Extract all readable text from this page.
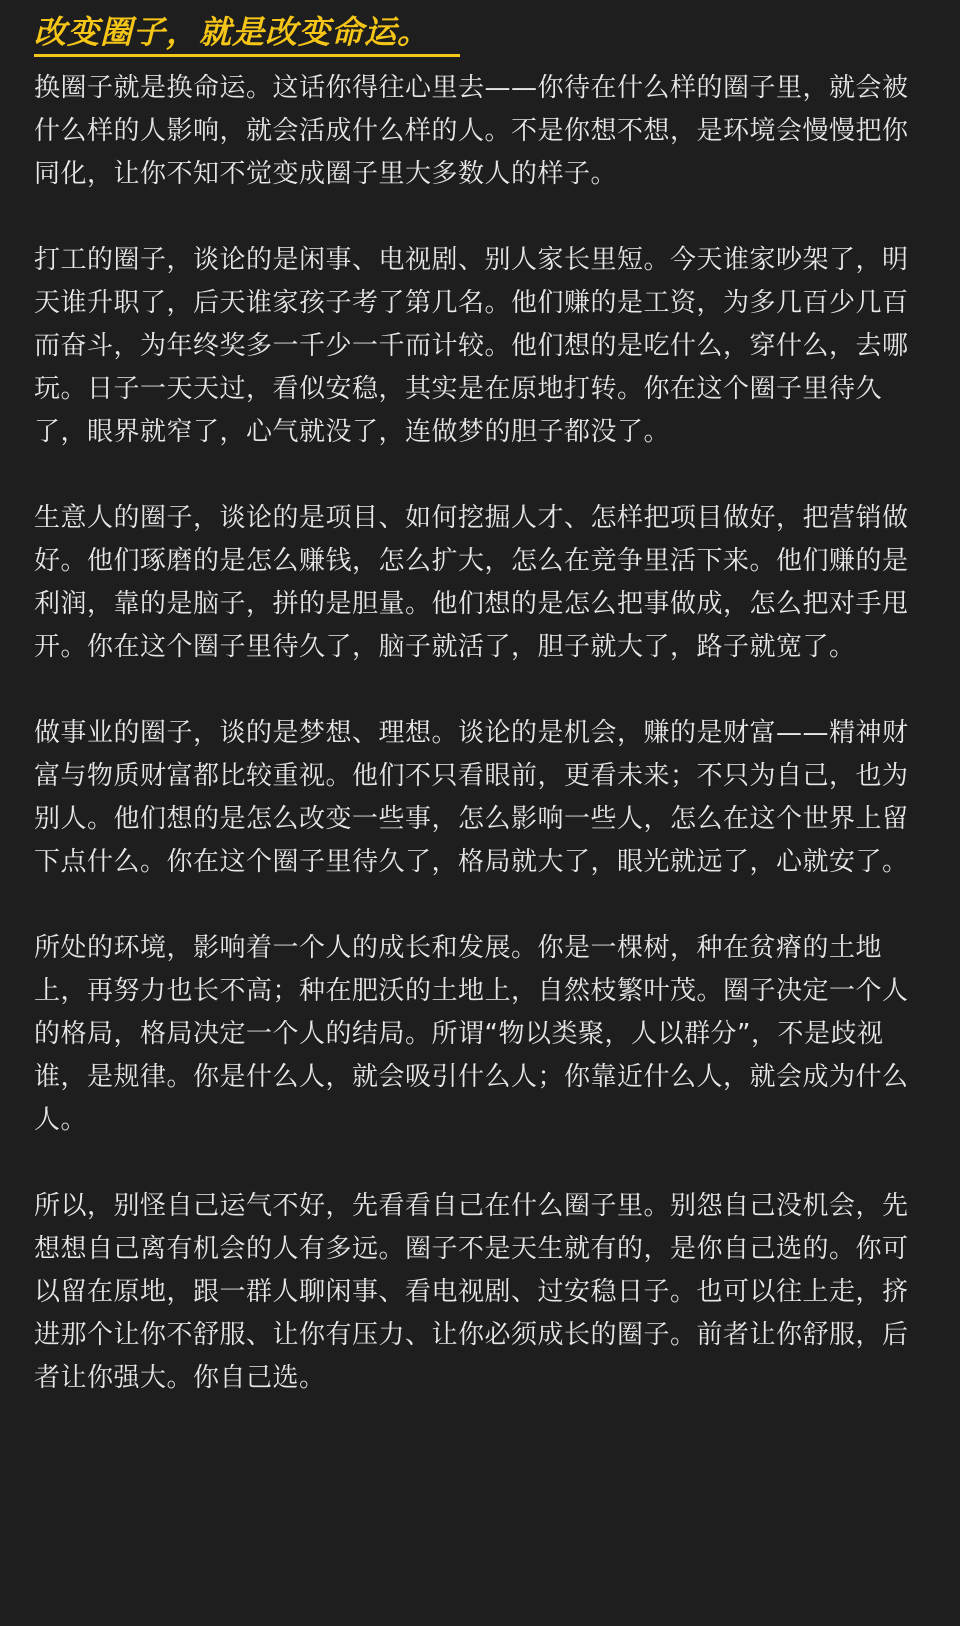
改变圈子，就是改变命运。

换圈子就是换命运。这话你得往心里去——你待在什么样的圈子里，就会被什么样的人影响，就会活成什么样的人。不是你想不想，是环境会慢慢把你同化，让你不知不觉变成圈子里大多数人的样子。

打工的圈子，谈论的是闲事、电视剧、别人家长里短。今天谁家吵架了，明天谁升职了，后天谁家孩子考了第几名。他们赚的是工资，为多几百少几百而奋斗，为年终奖多一千少一千而计较。他们想的是吃什么，穿什么，去哪玩。日子一天天过，看似安稳，其实是在原地打转。你在这个圈子里待久了，眼界就窄了，心气就没了，连做梦的胆子都没了。

生意人的圈子，谈论的是项目、如何挖掘人才、怎样把项目做好，把营销做好。他们琢磨的是怎么赚钱，怎么扩大，怎么在竞争里活下来。他们赚的是利润，靠的是脑子，拼的是胆量。他们想的是怎么把事做成，怎么把对手甩开。你在这个圈子里待久了，脑子就活了，胆子就大了，路子就宽了。

做事业的圈子，谈的是梦想、理想。谈论的是机会，赚的是财富——精神财富与物质财富都比较重视。他们不只看眼前，更看未来；不只为自己，也为别人。他们想的是怎么改变一些事，怎么影响一些人，怎么在这个世界上留下点什么。你在这个圈子里待久了，格局就大了，眼光就远了，心就安了。

所处的环境，影响着一个人的成长和发展。你是一棵树，种在贫瘠的土地上，再努力也长不高；种在肥沃的土地上，自然枝繁叶茂。圈子决定一个人的格局，格局决定一个人的结局。所谓“物以类聚，人以群分”，不是歧视谁，是规律。你是什么人，就会吸引什么人；你靠近什么人，就会成为什么人。

所以，别怪自己运气不好，先看看自己在什么圈子里。别怨自己没机会，先想想自己离有机会的人有多远。圈子不是天生就有的，是你自己选的。你可以留在原地，跟一群人聊闲事、看电视剧、过安稳日子。也可以往上走，挤进那个让你不舒服、让你有压力、让你必须成长的圈子。前者让你舒服，后者让你强大。你自己选。
